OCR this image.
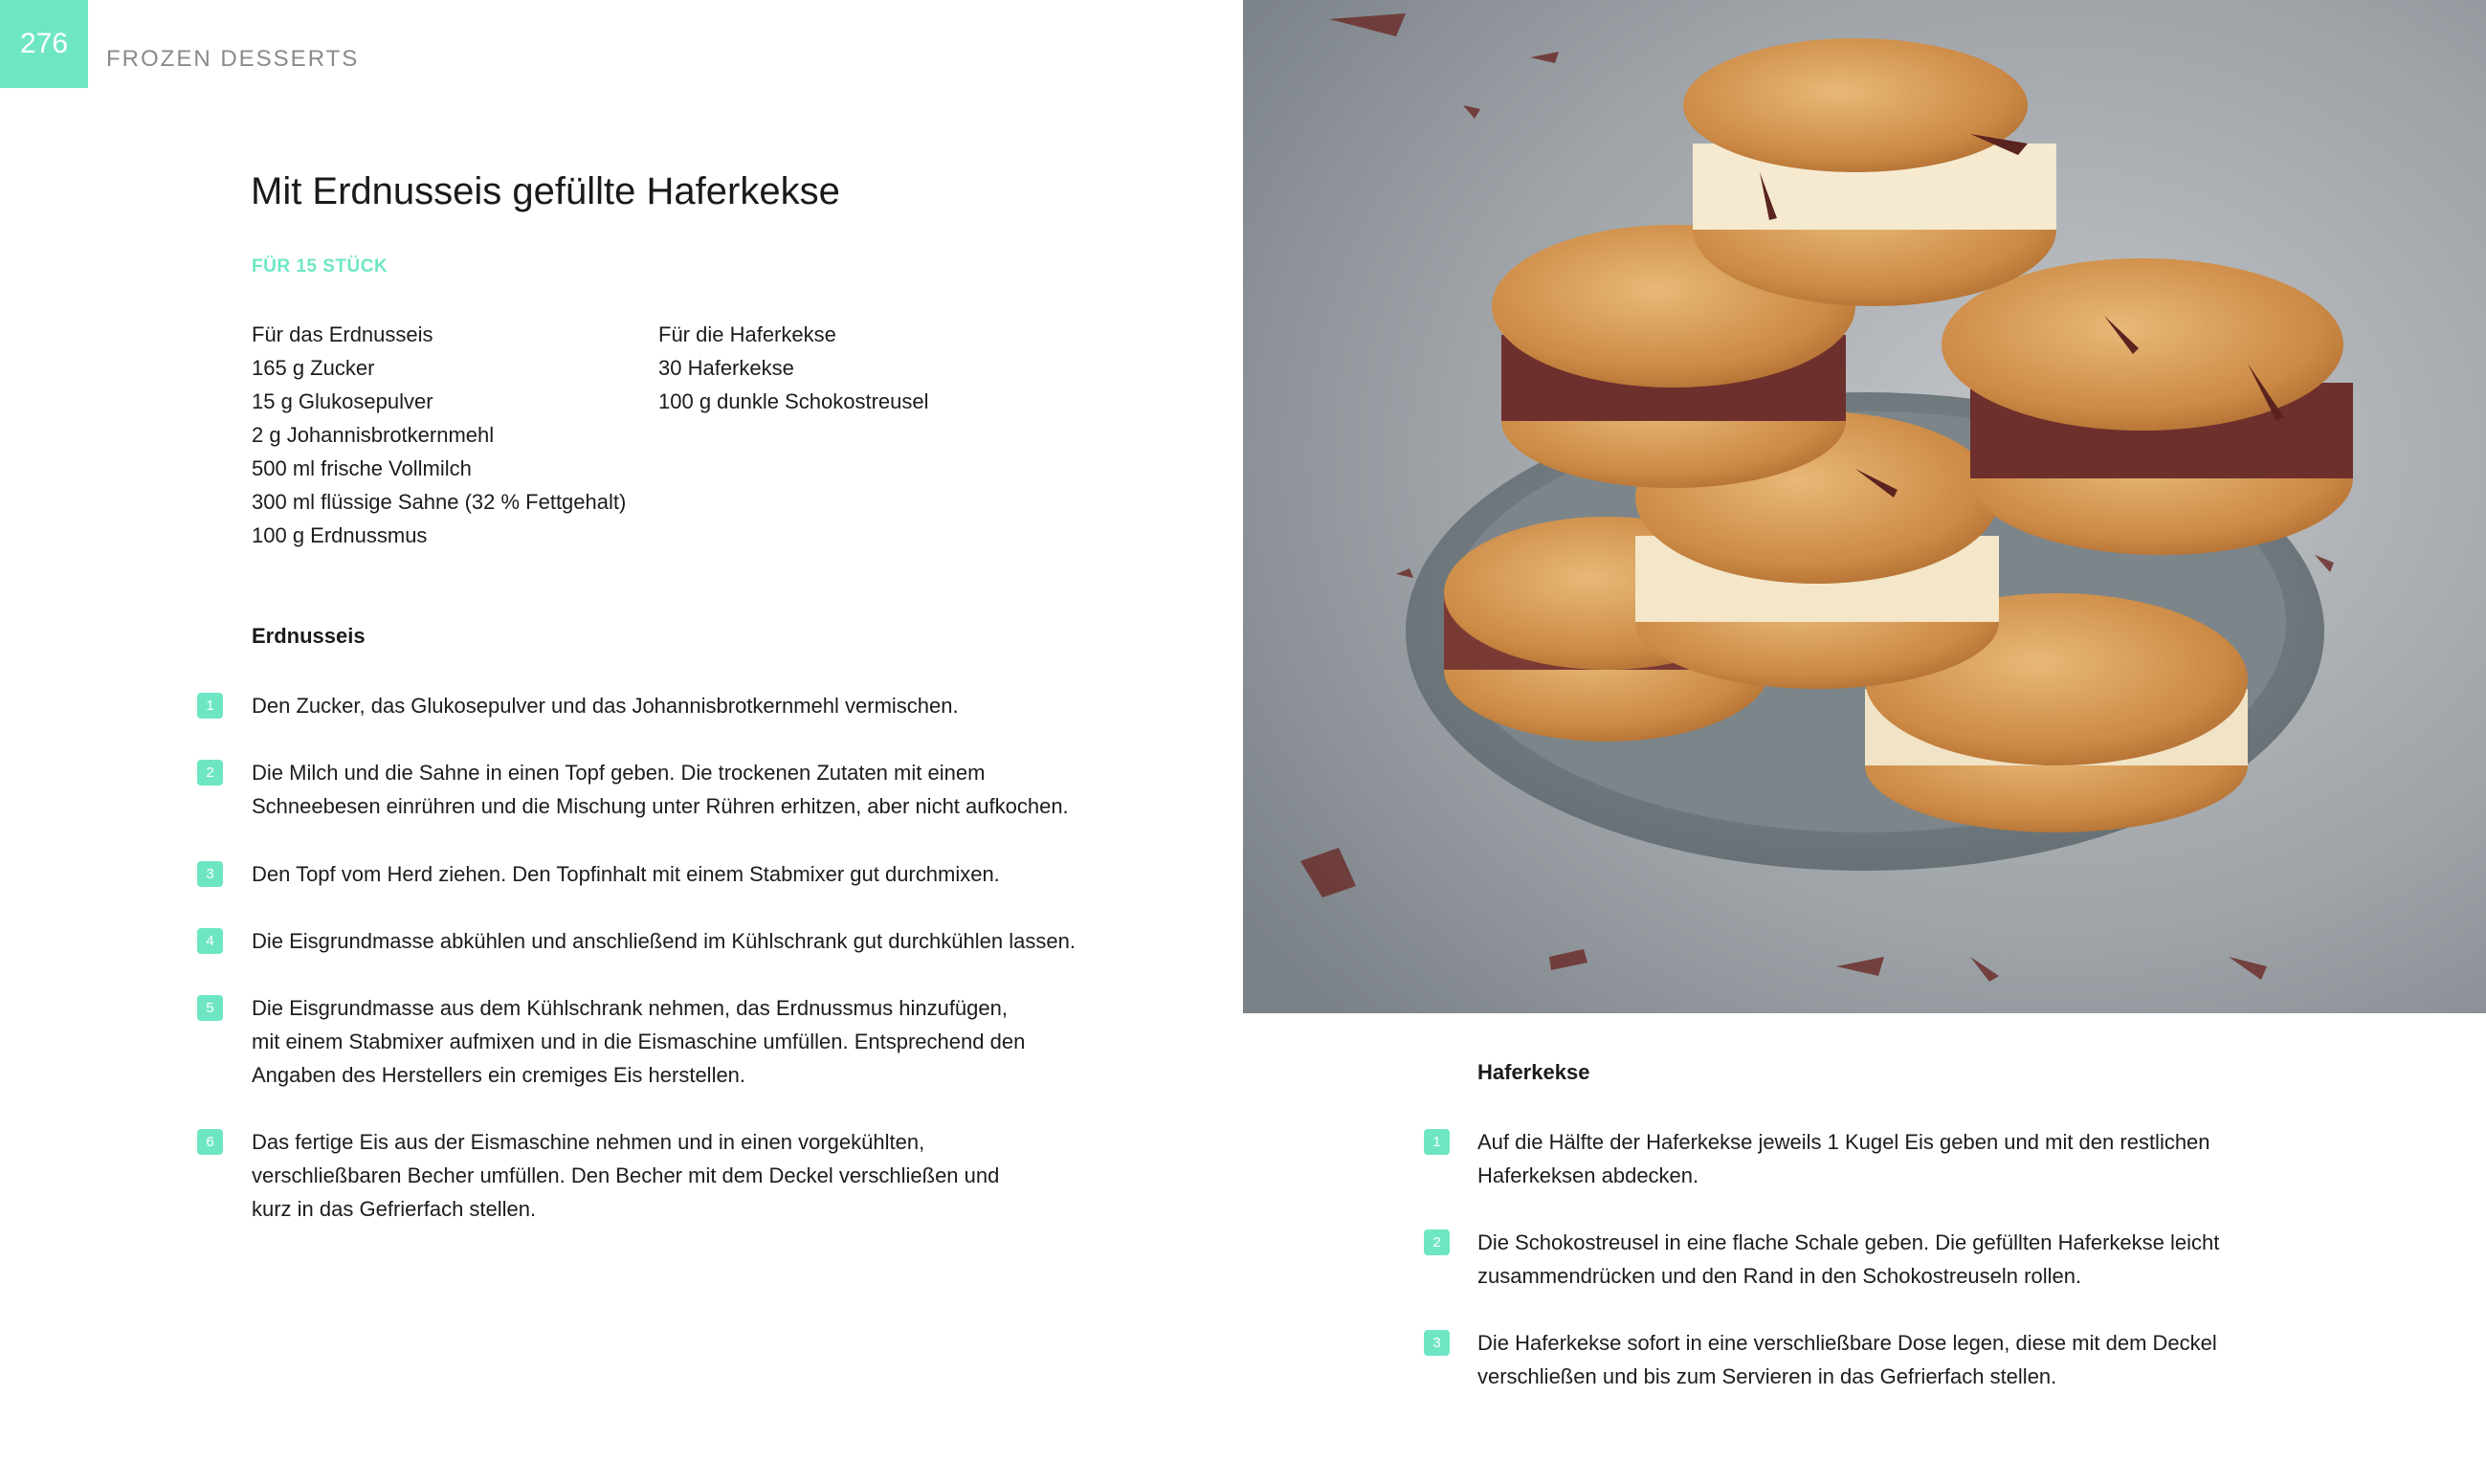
276 FROZEN DESSERTS
Mit Erdnusseis gefüllte Haferkekse
FÜR 15 STÜCK
Für das Erdnusseis
165 g Zucker
15 g Glukosepulver
2 g Johannisbrotkernmehl
500 ml frische Vollmilch
300 ml flüssige Sahne (32 % Fettgehalt)
100 g Erdnussmus
Für die Haferkekse
30 Haferkekse
100 g dunkle Schokostreusel
Erdnusseis
1	Den Zucker, das Glukosepulver und das Johannisbrotkernmehl vermischen.
2	Die Milch und die Sahne in einen Topf geben. Die trockenen Zutaten mit einem
Schneebesen einrühren und die Mischung unter Rühren erhitzen, aber nicht aufkochen.
3	Den Topf vom Herd ziehen. Den Topfinhalt mit einem Stabmixer gut durchmixen.
4	Die Eisgrundmasse abkühlen und anschließend im Kühlschrank gut durchkühlen lassen.
5	Die Eisgrundmasse aus dem Kühlschrank nehmen, das Erdnussmus hinzufügen,
mit einem Stabmixer aufmixen und in die Eismaschine umfüllen. Entsprechend den
Angaben des Herstellers ein cremiges Eis herstellen.
6	Das fertige Eis aus der Eismaschine nehmen und in einen vorgekühlten,
verschließbaren Becher umfüllen. Den Becher mit dem Deckel verschließen und
kurz in das Gefrierfach stellen.
Haferkekse
1	Auf die Hälfte der Haferkekse jeweils 1 Kugel Eis geben und mit den restlichen
Haferkeksen abdecken.
2	Die Schokostreusel in eine flache Schale geben. Die gefüllten Haferkekse leicht
zusammendrücken und den Rand in den Schokostreuseln rollen.
3	Die Haferkekse sofort in eine verschließbare Dose legen, diese mit dem Deckel
verschließen und bis zum Servieren in das Gefrierfach stellen.
